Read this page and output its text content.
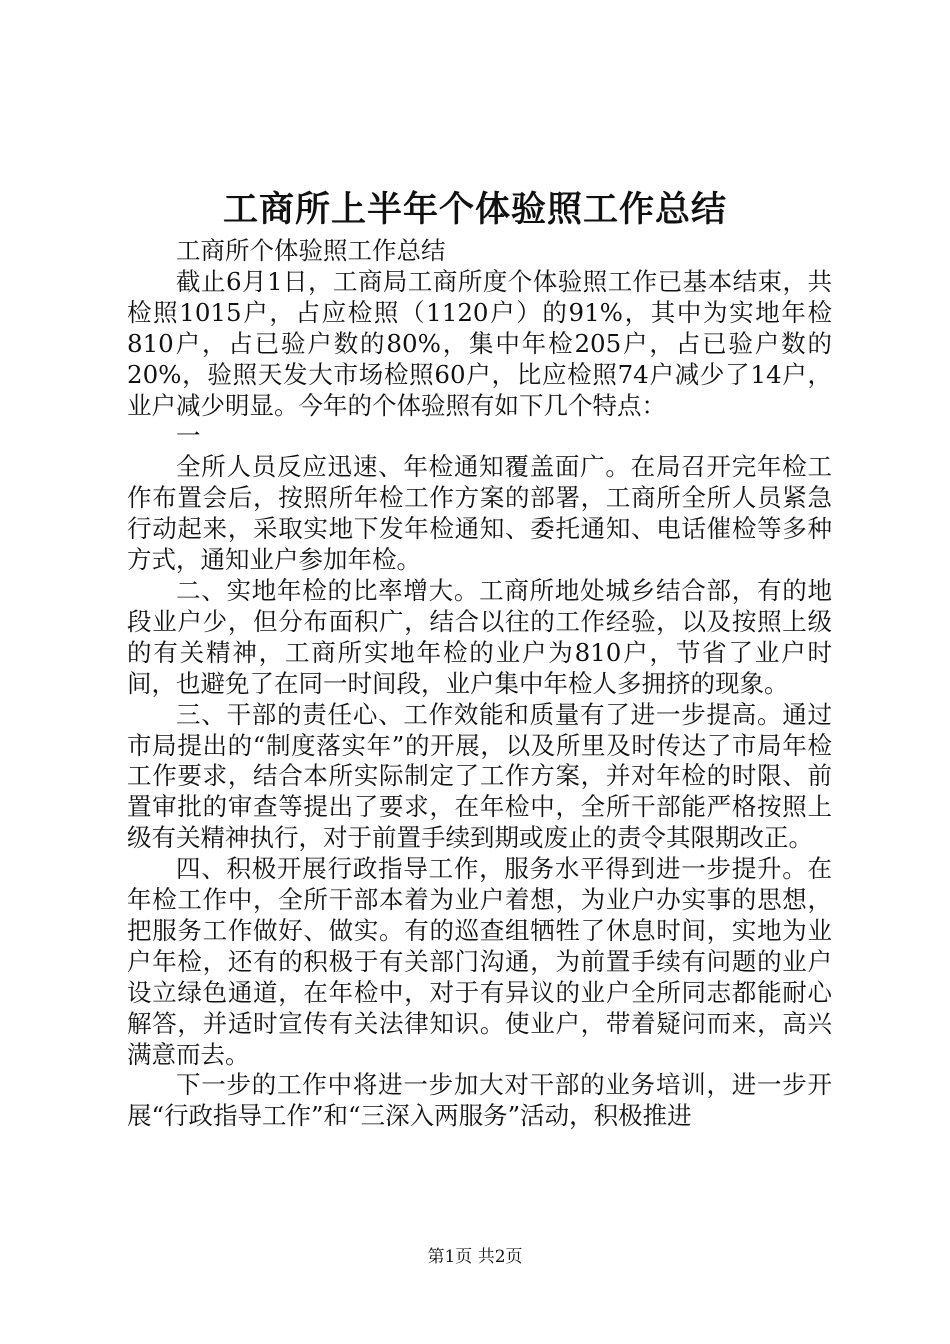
工商所上半年个体验照工作总结

工商所个体验照工作总结

截止6月1日，工商局工商所度个体验照工作已基本结束，共检照1015户，占应检照（1120户）的91%，其中为实地年检810户，占已验户数的80%，集中年检205户，占已验户数的20%，验照天发大市场检照60户，比应检照74户减少了14户，业户减少明显。今年的个体验照有如下几个特点：

一

全所人员反应迅速、年检通知覆盖面广。在局召开完年检工作布置会后，按照所年检工作方案的部署，工商所全所人员紧急行动起来，采取实地下发年检通知、委托通知、电话催检等多种方式，通知业户参加年检。

二、实地年检的比率增大。工商所地处城乡结合部，有的地段业户少，但分布面积广，结合以往的工作经验，以及按照上级的有关精神，工商所实地年检的业户为810户，节省了业户时间，也避免了在同一时间段，业户集中年检人多拥挤的现象。

三、干部的责任心、工作效能和质量有了进一步提高。通过市局提出的“制度落实年”的开展，以及所里及时传达了市局年检工作要求，结合本所实际制定了工作方案，并对年检的时限、前置审批的审查等提出了要求，在年检中，全所干部能严格按照上级有关精神执行，对于前置手续到期或废止的责令其限期改正。

四、积极开展行政指导工作，服务水平得到进一步提升。在年检工作中，全所干部本着为业户着想，为业户办实事的思想，把服务工作做好、做实。有的巡查组牺牲了休息时间，实地为业户年检，还有的积极于有关部门沟通，为前置手续有问题的业户设立绿色通道，在年检中，对于有异议的业户全所同志都能耐心解答，并适时宣传有关法律知识。使业户，带着疑问而来，高兴满意而去。

下一步的工作中将进一步加大对干部的业务培训，进一步开展“行政指导工作”和“三深入两服务”活动，积极推进

第1页 共2页
